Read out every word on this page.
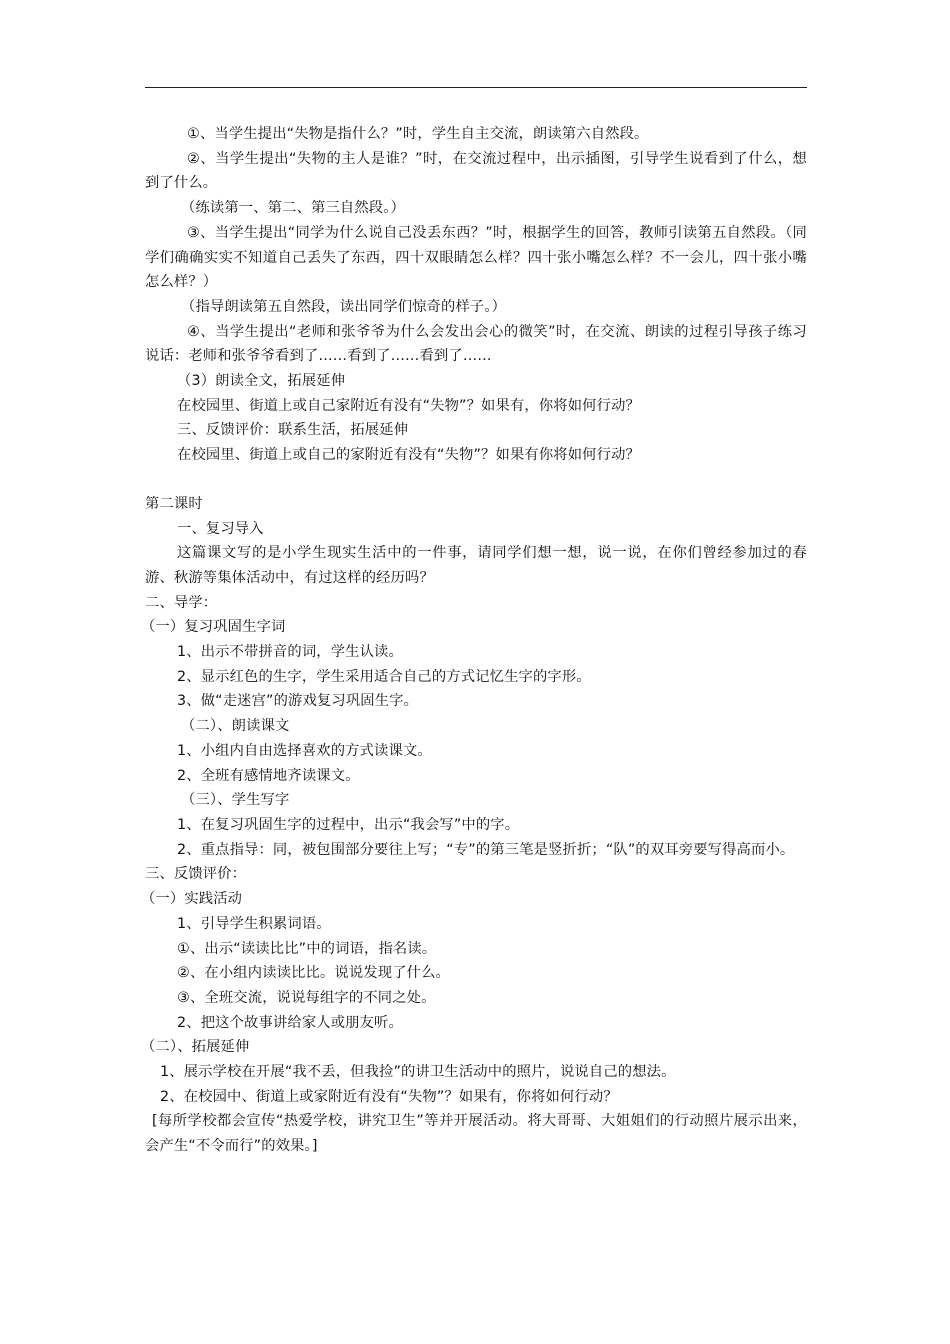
①、当学生提出“失物是指什么？”时，学生自主交流，朗读第六自然段。

②、当学生提出“失物的主人是谁？”时，在交流过程中，出示插图，引导学生说看到了什么，想到了什么。

（练读第一、第二、第三自然段。）

③、当学生提出“同学为什么说自己没丢东西？”时，根据学生的回答，教师引读第五自然段。（同学们确确实实不知道自己丢失了东西，四十双眼睛怎么样？四十张小嘴怎么样？不一会儿，四十张小嘴怎么样？）

（指导朗读第五自然段，读出同学们惊奇的样子。）

④、当学生提出“老师和张爷爷为什么会发出会心的微笑”时，在交流、朗读的过程引导孩子练习说话：老师和张爷爷看到了……看到了……看到了……

（3）朗读全文，拓展延伸

在校园里、街道上或自己家附近有没有“失物”？如果有，你将如何行动？

三、反馈评价：联系生活，拓展延伸

在校园里、街道上或自己的家附近有没有“失物”？如果有你将如何行动？

第二课时

一、复习导入

这篇课文写的是小学生现实生活中的一件事，请同学们想一想，说一说，在你们曾经参加过的春游、秋游等集体活动中，有过这样的经历吗？

二、导学：

（一）复习巩固生字词

1、出示不带拼音的词，学生认读。

2、显示红色的生字，学生采用适合自己的方式记忆生字的字形。

3、做“走迷宫”的游戏复习巩固生字。

（二）、朗读课文

1、小组内自由选择喜欢的方式读课文。

2、全班有感情地齐读课文。

（三）、学生写字

1、在复习巩固生字的过程中，出示“我会写”中的字。

2、重点指导：同，被包围部分要往上写；“专”的第三笔是竖折折；“队”的双耳旁要写得高而小。

三、反馈评价：

（一）实践活动

1、引导学生积累词语。

①、出示“读读比比”中的词语，指名读。

②、在小组内读读比比。说说发现了什么。

③、全班交流，说说每组字的不同之处。

2、把这个故事讲给家人或朋友听。

（二）、拓展延伸

1、展示学校在开展“我不丢，但我捡”的讲卫生活动中的照片，说说自己的想法。

2、在校园中、街道上或家附近有没有“失物”？如果有，你将如何行动？

[每所学校都会宣传“热爱学校，讲究卫生”等并开展活动。将大哥哥、大姐姐们的行动照片展示出来，会产生“不令而行”的效果。]
